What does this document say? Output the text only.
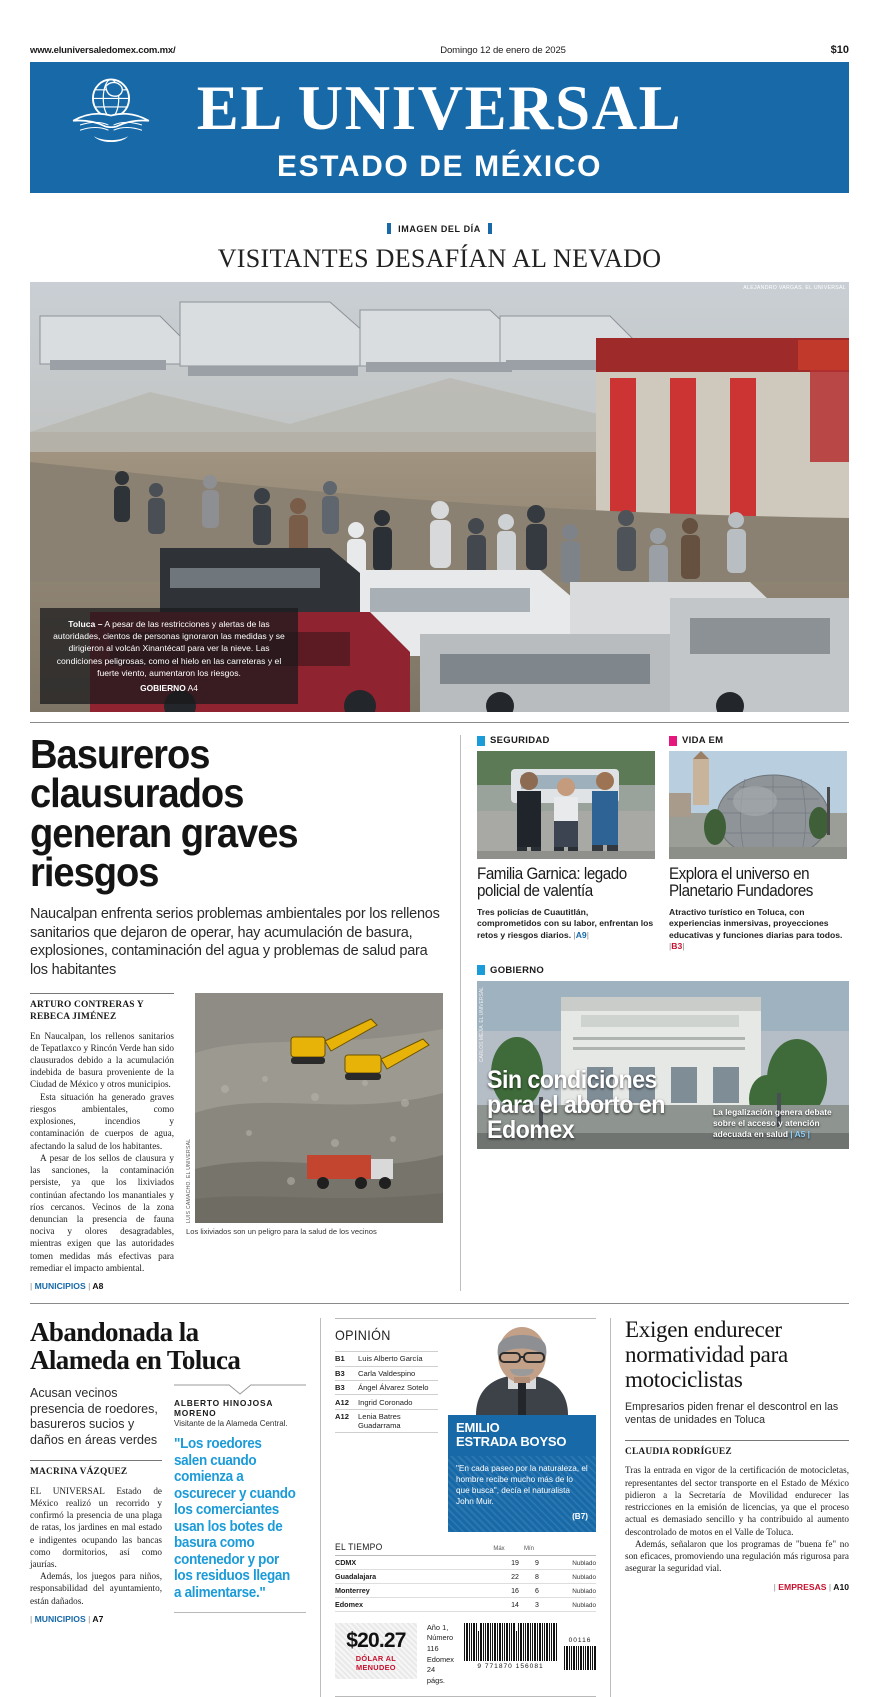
www.eluniversaledomex.com.mx/	Domingo 12 de enero de 2025	$10
EL UNIVERSAL
ESTADO DE MÉXICO
IMAGEN DEL DÍA
VISITANTES DESAFÍAN AL NEVADO
ALEJANDRO VARGAS. EL UNIVERSAL
Toluca – A pesar de las restricciones y alertas de las autoridades, cientos de personas ignoraron las medidas y se dirigieron al volcán Xinantécatl para ver la nieve. Las condiciones peligrosas, como el hielo en las carreteras y el fuerte viento, aumentaron los riesgos.
GOBIERNO A4
Basureros clausurados
generan graves riesgos
Naucalpan enfrenta serios problemas ambientales por los rellenos sanitarios que dejaron de operar, hay acumulación de basura, explosiones, contaminación del agua y problemas de salud para los habitantes
ARTURO CONTRERAS Y REBECA JIMÉNEZ

En Naucalpan, los rellenos sanitarios de Tepatlaxco y Rincón Verde han sido clausurados debido a la acumulación indebida de basura proveniente de la Ciudad de México y otros municipios.

Esta situación ha generado graves riesgos ambientales, como explosiones, incendios y contaminación de cuerpos de agua, afectando la salud de los habitantes.

A pesar de los sellos de clausura y las sanciones, la contaminación persiste, ya que los lixiviados continúan afectando los manantiales y ríos cercanos. Vecinos de la zona denuncian la presencia de fauna nociva y olores desagradables, mientras exigen que las autoridades tomen medidas más efectivas para remediar el impacto ambiental.

| MUNICIPIOS | A8
LUIS CAMACHO. EL UNIVERSAL
Los lixiviados son un peligro para la salud de los vecinos
SEGURIDAD
Familia Garnica: legado policial de valentía
Tres policías de Cuautitlán, comprometidos con su labor, enfrentan los retos y riesgos diarios. |A9|
VIDA EM
Explora el universo en Planetario Fundadores
Atractivo turístico en Toluca, con experiencias inmersivas, proyecciones educativas y funciones diarias para todos. |B3|
GOBIERNO
CARLOS MEJÍA. EL UNIVERSAL
Sin condiciones
para el aborto en
Edomex
La legalización genera debate sobre el acceso y atención adecuada en salud | A5 |
Abandonada la
Alameda en Toluca
Acusan vecinos presencia de roedores, basureros sucios y daños en áreas verdes
MACRINA VÁZQUEZ

EL UNIVERSAL Estado de México realizó un recorrido y confirmó la presencia de una plaga de ratas, los jardines en mal estado e indigentes ocupando las bancas como dormitorios, así como jaurías.

Además, los juegos para niños, responsabilidad del ayuntamiento, están dañados.

| MUNICIPIOS | A7
ALBERTO HINOJOSA MORENO
Visitante de la Alameda Central.
"Los roedores salen cuando comienza a oscurecer y cuando los comerciantes usan los botes de basura como contenedor y por los residuos llegan a alimentarse."
OPINIÓN
B1	Luis Alberto García
B3	Carla Valdespino
B3	Ángel Álvarez Sotelo
A12 Ingrid Coronado
A12 Lenia Batres Guadarrama	EMILIO
ESTRADA BOYSO
"En cada paseo por la naturaleza, el hombre recibe mucho más de lo que busca", decía el naturalista John Muir.
(B7)
EL TIEMPO	Máx	Mín
CDMX	19	9	Nublado
Guadalajara	22	8	Nublado
Monterrey	16	6	Nublado
Edomex	14	3	Nublado
$20.27
DÓLAR AL MENUDEO
Año 1,
Número
116
Edomex
24 págs.
9 771870 156081
00116
Exigen endurecer
normatividad para
motociclistas
Empresarios piden frenar el descontrol en las ventas de unidades en Toluca
CLAUDIA RODRÍGUEZ

Tras la entrada en vigor de la certificación de motocicletas, representantes del sector transporte en el Estado de México pidieron a la Secretaría de Movilidad endurecer las restricciones en la emisión de licencias, ya que el proceso actual es demasiado sencillo y ha contribuido al aumento descontrolado de motos en el Valle de Toluca.

Además, señalaron que los programas de "buena fe" no son eficaces, promoviendo una regulación más rigurosa para asegurar la seguridad vial.

| EMPRESAS | A10
